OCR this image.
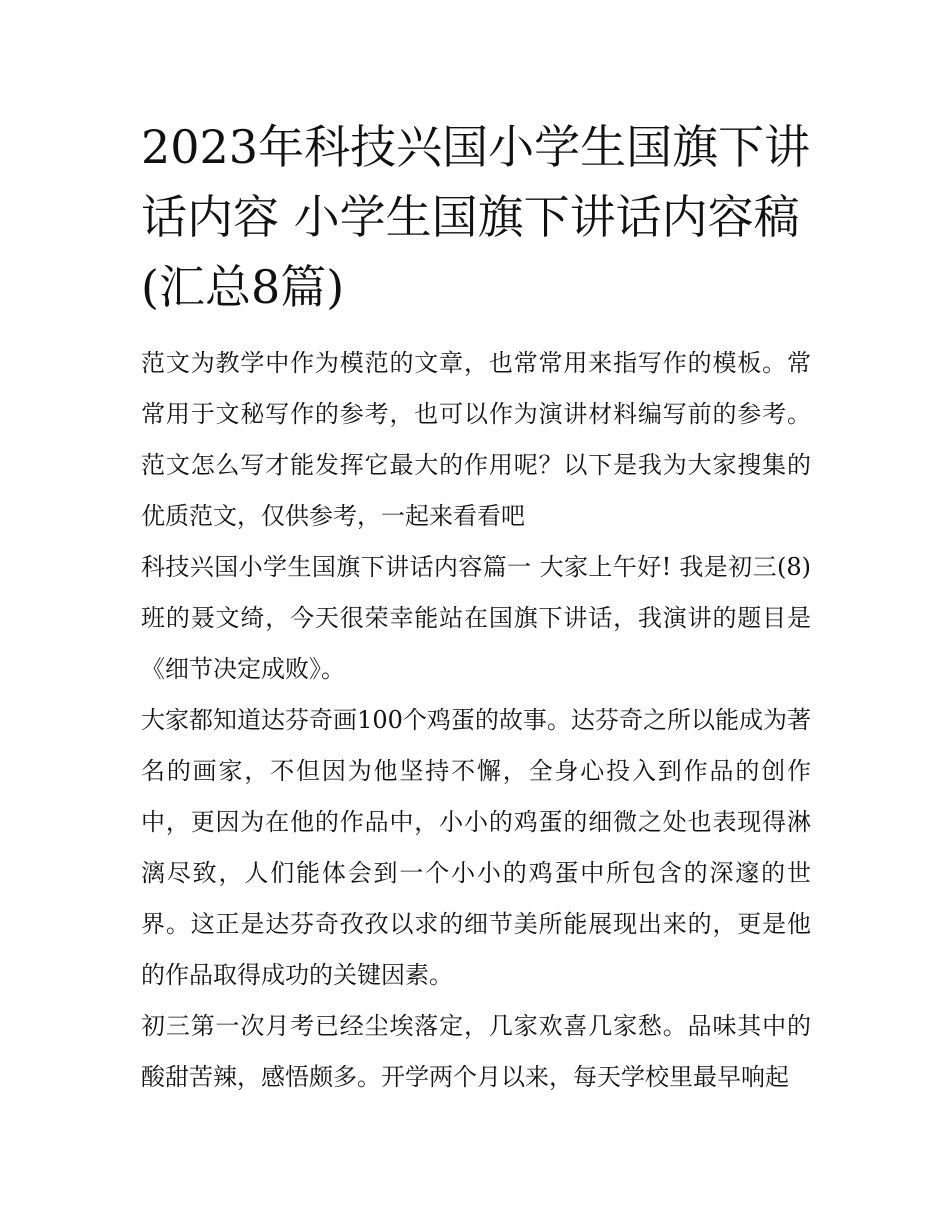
2023年科技兴国小学生国旗下讲话内容 小学生国旗下讲话内容稿(汇总8篇)

范文为教学中作为模范的文章，也常常用来指写作的模板。常常用于文秘写作的参考，也可以作为演讲材料编写前的参考。范文怎么写才能发挥它最大的作用呢？以下是我为大家搜集的优质范文，仅供参考，一起来看看吧

科技兴国小学生国旗下讲话内容篇一 大家上午好! 我是初三(8)班的聂文绮，今天很荣幸能站在国旗下讲话，我演讲的题目是《细节决定成败》。

大家都知道达芬奇画100个鸡蛋的故事。达芬奇之所以能成为著名的画家，不但因为他坚持不懈，全身心投入到作品的创作中，更因为在他的作品中，小小的鸡蛋的细微之处也表现得淋漓尽致，人们能体会到一个小小的鸡蛋中所包含的深邃的世界。这正是达芬奇孜孜以求的细节美所能展现出来的，更是他的作品取得成功的关键因素。

初三第一次月考已经尘埃落定，几家欢喜几家愁。品味其中的酸甜苦辣，感悟颇多。开学两个月以来，每天学校里最早响起
